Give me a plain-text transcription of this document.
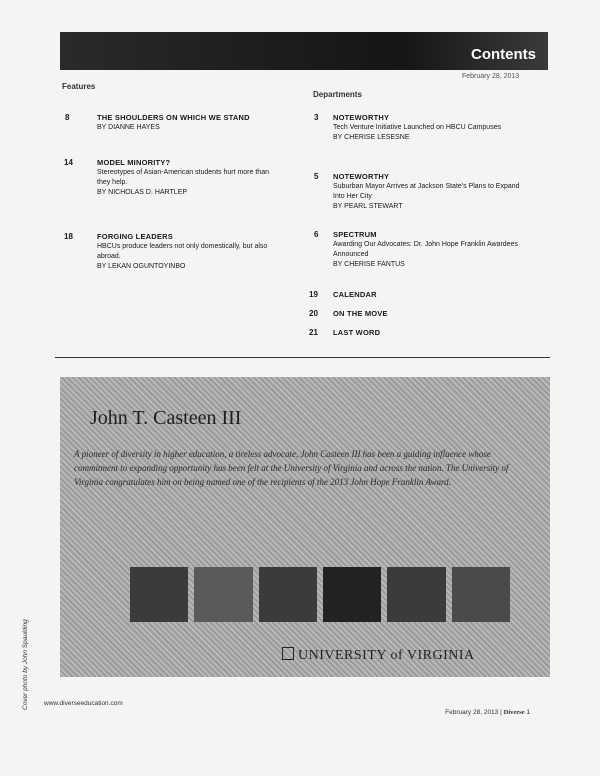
Contents
February 28, 2013
Features
Departments
8	THE SHOULDERS ON WHICH WE STAND
BY DIANNE HAYES
14	MODEL MINORITY?
Stereotypes of Asian-American students hurt more than they help.
BY NICHOLAS D. HARTLEP
18	FORGING LEADERS
HBCUs produce leaders not only domestically, but also abroad.
BY LEKAN OGUNTOYINBO
3 NOTEWORTHY
Tech Venture Initiative Launched on HBCU Campuses
BY CHERISE LESESNE
5 NOTEWORTHY
Suburban Mayor Arrives at Jackson State's Plans to Expand Into Her City
BY PEARL STEWART
6 SPECTRUM
Awarding Our Advocates: Dr. John Hope Franklin Awardees Announced
BY CHERISE FANTUS
19 CALENDAR
20 ON THE MOVE
21 LAST WORD
John T. Casteen III
A pioneer of diversity in higher education, a tireless advocate, John Casteen III has been a guiding influence whose commitment to expanding opportunity has been felt at the University of Virginia and across the nation. The University of Virginia congratulates him on being named one of the recipients of the 2013 John Hope Franklin Award.
UNIVERSITY of VIRGINIA
Cover photo by John Spaulding	www.diverseeducation.com
February 28, 2013 | Diverse 1
